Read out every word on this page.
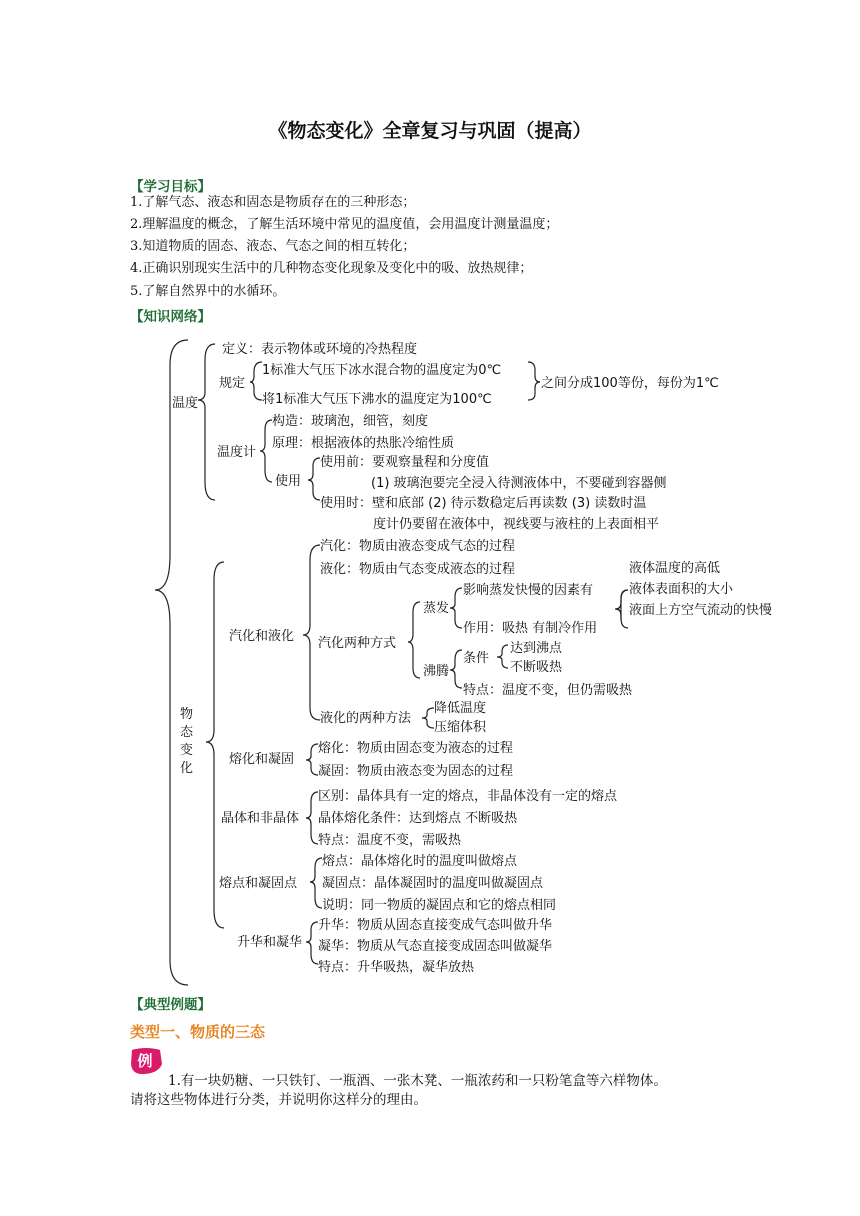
《物态变化》全章复习与巩固（提高）
【学习目标】
1.了解气态、液态和固态是物质存在的三种形态；
2.理解温度的概念，了解生活环境中常见的温度值，会用温度计测量温度；
3.知道物质的固态、液态、气态之间的相互转化；
4.正确识别现实生活中的几种物态变化现象及变化中的吸、放热规律；
5.了解自然界中的水循环。
【知识网络】
温度
物
态
变
化
定义：表示物体或环境的冷热程度
规定
1标准大气压下冰水混合物的温度定为0℃
将1标准大气压下沸水的温度定为100℃
之间分成100等份，每份为1℃
温度计
构造：玻璃泡，细管，刻度
原理：根据液体的热胀冷缩性质
使用
使用前：要观察量程和分度值
(1) 玻璃泡要完全浸入待测液体中，不要碰到容器侧
使用时：壁和底部 (2) 待示数稳定后再读数 (3) 读数时温
度计仍要留在液体中，视线要与液柱的上表面相平
汽化和液化
汽化：物质由液态变成气态的过程
液化：物质由气态变成液态的过程
汽化两种方式
蒸发
影响蒸发快慢的因素有
液体温度的高低
液体表面积的大小
液面上方空气流动的快慢
作用：吸热 有制冷作用
沸腾
条件
达到沸点
不断吸热
特点：温度不变，但仍需吸热
液化的两种方法
降低温度
压缩体积
熔化和凝固
熔化：物质由固态变为液态的过程
凝固：物质由液态变为固态的过程
晶体和非晶体
区别：晶体具有一定的熔点，非晶体没有一定的熔点
晶体熔化条件：达到熔点 不断吸热
特点：温度不变，需吸热
熔点和凝固点
熔点：晶体熔化时的温度叫做熔点
凝固点：晶体凝固时的温度叫做凝固点
说明：同一物质的凝固点和它的熔点相同
升华和凝华
升华：物质从固态直接变成气态叫做升华
凝华：物质从气态直接变成固态叫做凝华
特点：升华吸热，凝华放热
【典型例题】
类型一、物质的三态
例
1.有一块奶糖、一只铁钉、一瓶酒、一张木凳、一瓶浓药和一只粉笔盒等六样物体。
请将这些物体进行分类，并说明你这样分的理由。
